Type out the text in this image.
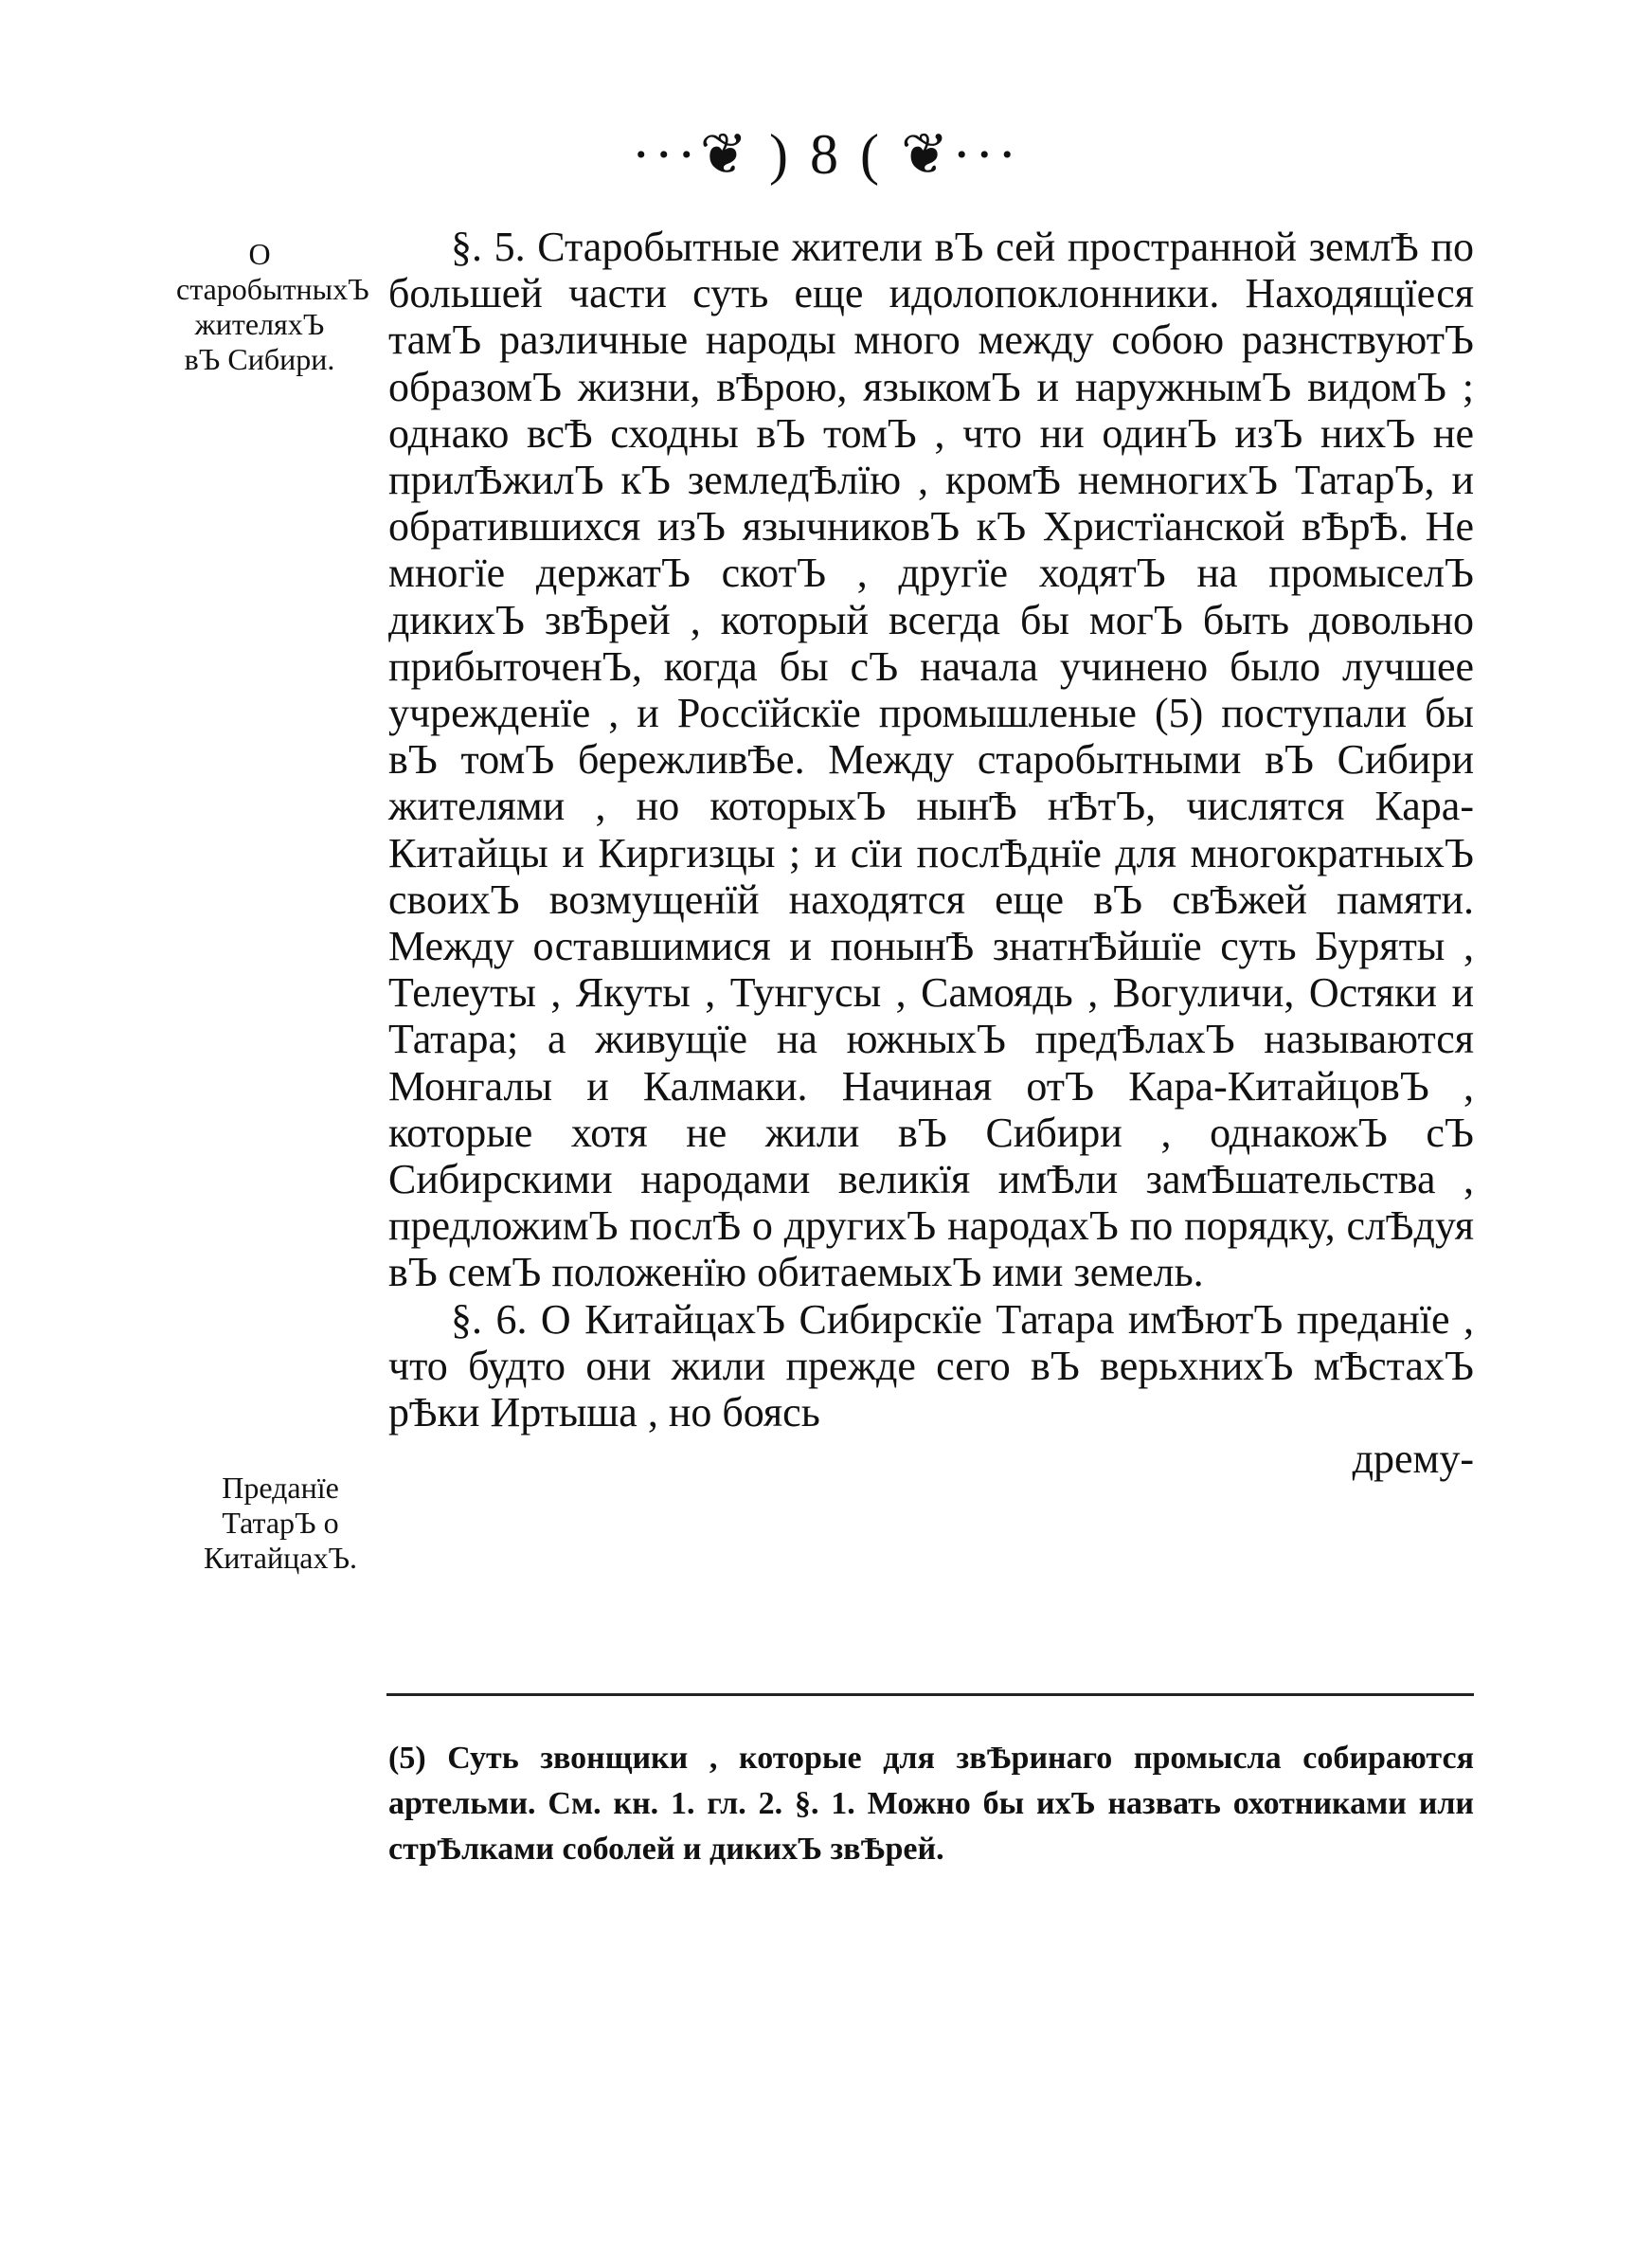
···❦ ) 8 ( ❦···
О старобытныхЪ жителяхЪ вЪ Сибири.
Преданїе ТатарЪ о КитайцахЪ.

§. 5. Старобытные жители вЪ сей пространной землѢ по большей части суть еще идолопоклонники. Находящїеся тамЪ различные народы много между собою разнствуютЪ образомЪ жизни, вѢрою, языкомЪ и наружнымЪ видомЪ ; однако всѢ сходны вЪ томЪ , что ни одинЪ изЪ нихЪ не прилѢжилЪ кЪ землeдѢлїю , кромѢ немногихЪ ТатарЪ, и обратившихся изЪ язычниковЪ кЪ Христїанской вѢрѢ. Не многїе держатЪ скотЪ , другїе ходятЪ на промыселЪ дикихЪ звѢрей , который всегда бы могЪ быть довольно прибыточенЪ, когда бы сЪ начала учинено было лучшее учрежденїе , и Россїйскїе промышленые (5) поступали бы вЪ томЪ бережливѢе. Между старобытными вЪ Сибири жителями , но которыхЪ нынѢ нѢтЪ, числятся Кара-Китайцы и Киргизцы ; и сїи послѢднїе для многократныхЪ своихЪ возмущенїй находятся еще вЪ свѢжей памяти. Между оставшимися и понынѢ знатнѢйшїе суть Буряты , Телеуты , Якуты , Тунгусы , Самоядь , Вогуличи, Остяки и Татара; а живущїе на южныхЪ предѢлахЪ называются Монгалы и Калмаки. Начиная отЪ Кара-КитайцовЪ , которые хотя не жили вЪ Сибири , однакожЪ сЪ Сибирскими народами великїя имѢли замѢшательства , предложимЪ послѢ о другихЪ народахЪ по порядку, слѢдуя вЪ семЪ положенїю обитаемыхЪ ими земель.

§. 6. О КитайцахЪ Сибирскїе Татара имѢютЪ преданїе , что будто они жили прежде сего вЪ верьхнихЪ мѢстахЪ рѢки Иртыша , но боясь

дрему-

(5) Суть звонщики , которые для звѢринаго промысла собираются артельми. См. кн. 1. гл. 2. §. 1. Можно бы ихЪ назвать охотниками или стрѢлками соболей и дикихЪ звѢрей.
